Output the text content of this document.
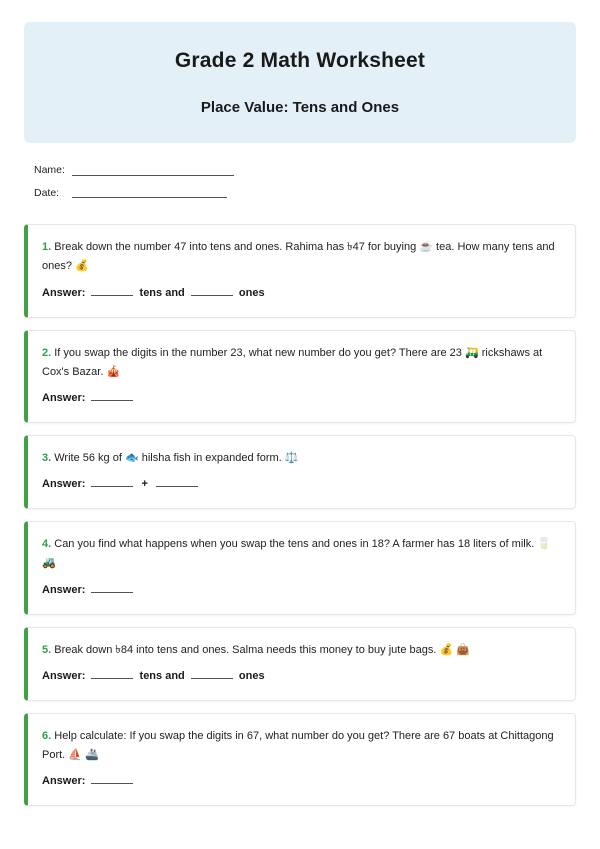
Grade 2 Math Worksheet
Place Value: Tens and Ones
Name:
Date:

1. Break down the number 47 into tens and ones. Rahima has ৳47 for buying ☕ tea. How many tens and ones? 💰

Answer:	tens and	ones

2. If you swap the digits in the number 23, what new number do you get? There are 23 🛺 rickshaws at Cox's Bazar. 🎪

Answer:

3. Write 56 kg of 🐟 hilsha fish in expanded form. ⚖️

Answer:	+

4. Can you find what happens when you swap the tens and ones in 18? A farmer has 18 liters of milk. 🥛 🚜

Answer:

5. Break down ৳84 into tens and ones. Salma needs this money to buy jute bags. 💰 👜

Answer:	tens and	ones

6. Help calculate: If you swap the digits in 67, what number do you get? There are 67 boats at Chittagong Port. ⛵ 🚢

Answer:
